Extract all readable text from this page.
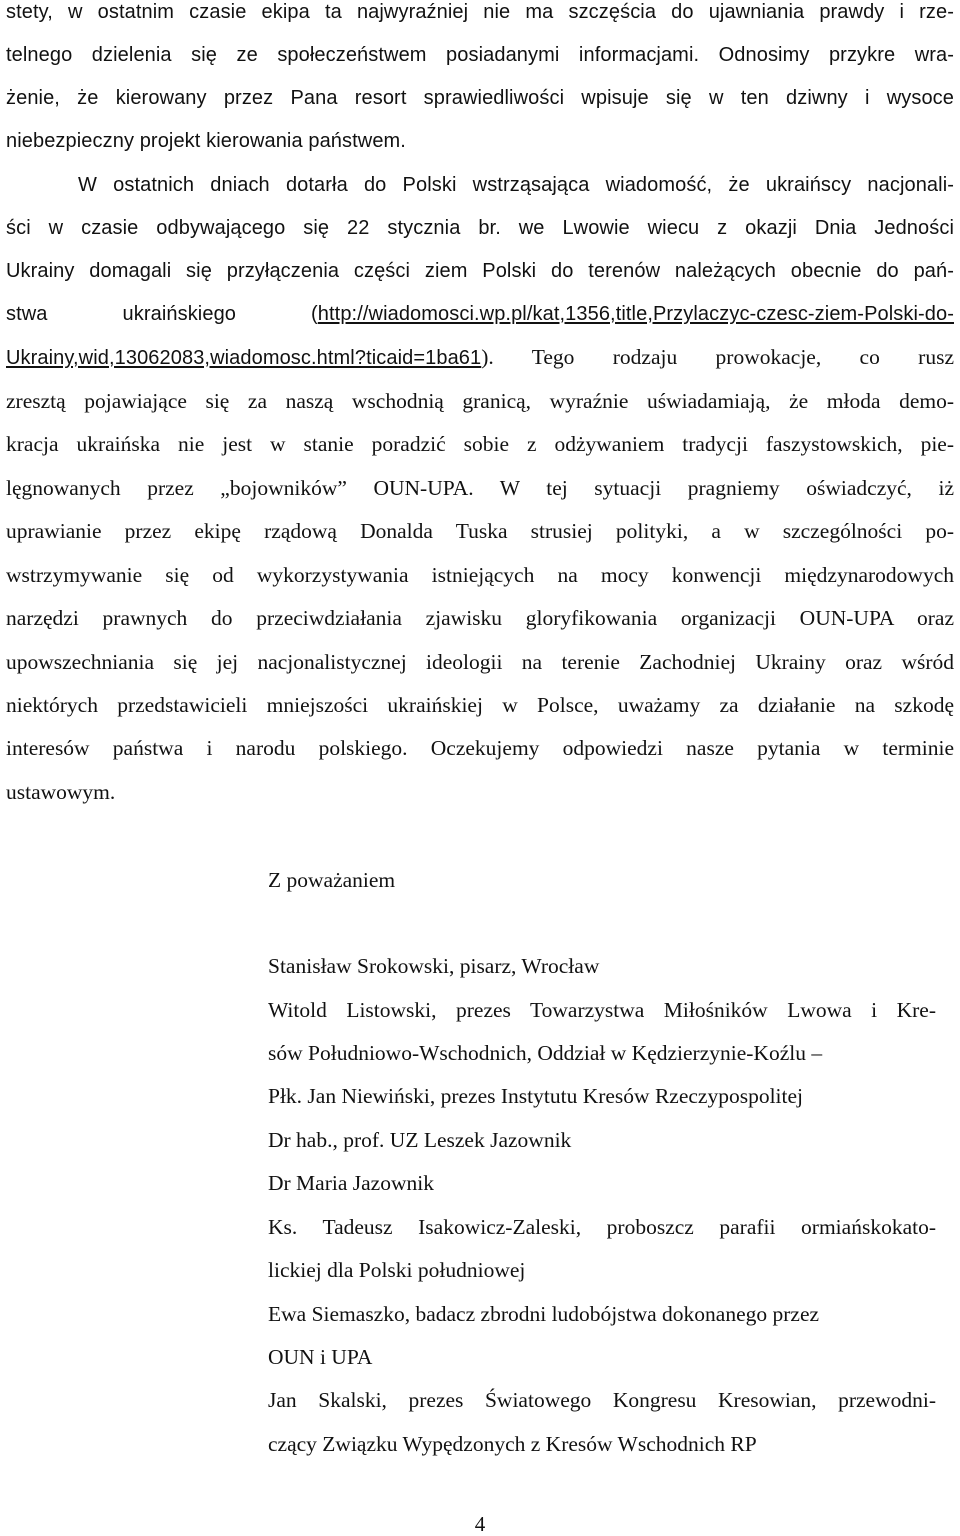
stety, w ostatnim czasie ekipa ta najwyraźniej nie ma szczęścia do ujawniania prawdy i rze-
telnego dzielenia się ze społeczeństwem posiadanymi informacjami. Odnosimy przykre wra-
żenie, że kierowany przez Pana resort sprawiedliwości wpisuje się w ten dziwny i wysoce
niebezpieczny projekt kierowania państwem.
W ostatnich dniach dotarła do Polski wstrząsająca wiadomość, że ukraińscy nacjonali-
ści w czasie odbywającego się 22 stycznia br. we Lwowie wiecu z okazji Dnia Jedności
Ukrainy domagali się przyłączenia części ziem Polski do terenów należących obecnie do pań-
stwa ukraińskiego (http://wiadomosci.wp.pl/kat,1356,title,Przylaczyc-czesc-ziem-Polski-do-
Ukrainy,wid,13062083,wiadomosc.html?ticaid=1ba61). Tego rodzaju prowokacje, co rusz
zresztą pojawiające się za naszą wschodnią granicą, wyraźnie uświadamiają, że młoda demo-
kracja ukraińska nie jest w stanie poradzić sobie z odżywaniem tradycji faszystowskich, pie-
lęgnowanych przez „bojowników” OUN-UPA. W tej sytuacji pragniemy oświadczyć, iż
uprawianie przez ekipę rządową Donalda Tuska strusiej polityki, a w szczególności po-
wstrzymywanie się od wykorzystywania istniejących na mocy konwencji międzynarodowych
narzędzi prawnych do przeciwdziałania zjawisku gloryfikowania organizacji OUN-UPA oraz
upowszechniania się jej nacjonalistycznej ideologii na terenie Zachodniej Ukrainy oraz wśród
niektórych przedstawicieli mniejszości ukraińskiej w Polsce, uważamy za działanie na szkodę
interesów państwa i narodu polskiego. Oczekujemy odpowiedzi nasze pytania w terminie
ustawowym.
Z poważaniem
Stanisław Srokowski, pisarz, Wrocław
Witold Listowski, prezes Towarzystwa Miłośników Lwowa i Kre-
sów Południowo-Wschodnich, Oddział w Kędzierzynie-Koźlu –
Płk. Jan Niewiński, prezes Instytutu Kresów Rzeczypospolitej
Dr hab., prof. UZ Leszek Jazownik
Dr Maria Jazownik
Ks. Tadeusz Isakowicz-Zaleski, proboszcz parafii ormiańskokato-
lickiej dla Polski południowej
Ewa Siemaszko, badacz zbrodni ludobójstwa dokonanego przez
OUN i UPA
Jan Skalski, prezes Światowego Kongresu Kresowian, przewodni-
czący Związku Wypędzonych z Kresów Wschodnich RP
4
